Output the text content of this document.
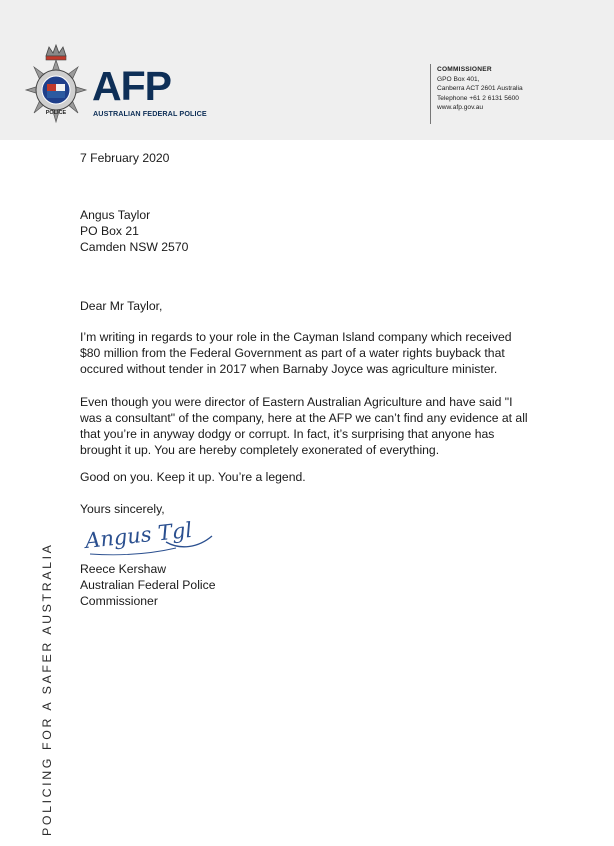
POLICE
AFP
AUSTRALIAN FEDERAL POLICE
COMMISSIONER
GPO Box 401,
Canberra ACT 2601 Australia
Telephone +61 2 6131 5600
www.afp.gov.au
7 February 2020
Angus Taylor
PO Box 21
Camden NSW 2570
Dear Mr Taylor,
I’m writing in regards to your role in the Cayman Island company which received $80 million from the Federal Government as part of a water rights buyback that occured without tender in 2017 when Barnaby Joyce was agriculture minister.
Even though you were director of Eastern Australian Agriculture and have said "I was a consultant" of the company, here at the AFP we can’t find any evidence at all that you’re in anyway dodgy or corrupt. In fact, it’s surprising that anyone has brought it up. You are hereby completely exonerated of everything.
Good on you. Keep it up. You’re a legend.
Yours sincerely,
Angus Tgl
Reece Kershaw
Australian Federal Police
Commissioner
POLICING FOR A SAFER AUSTRALIA
